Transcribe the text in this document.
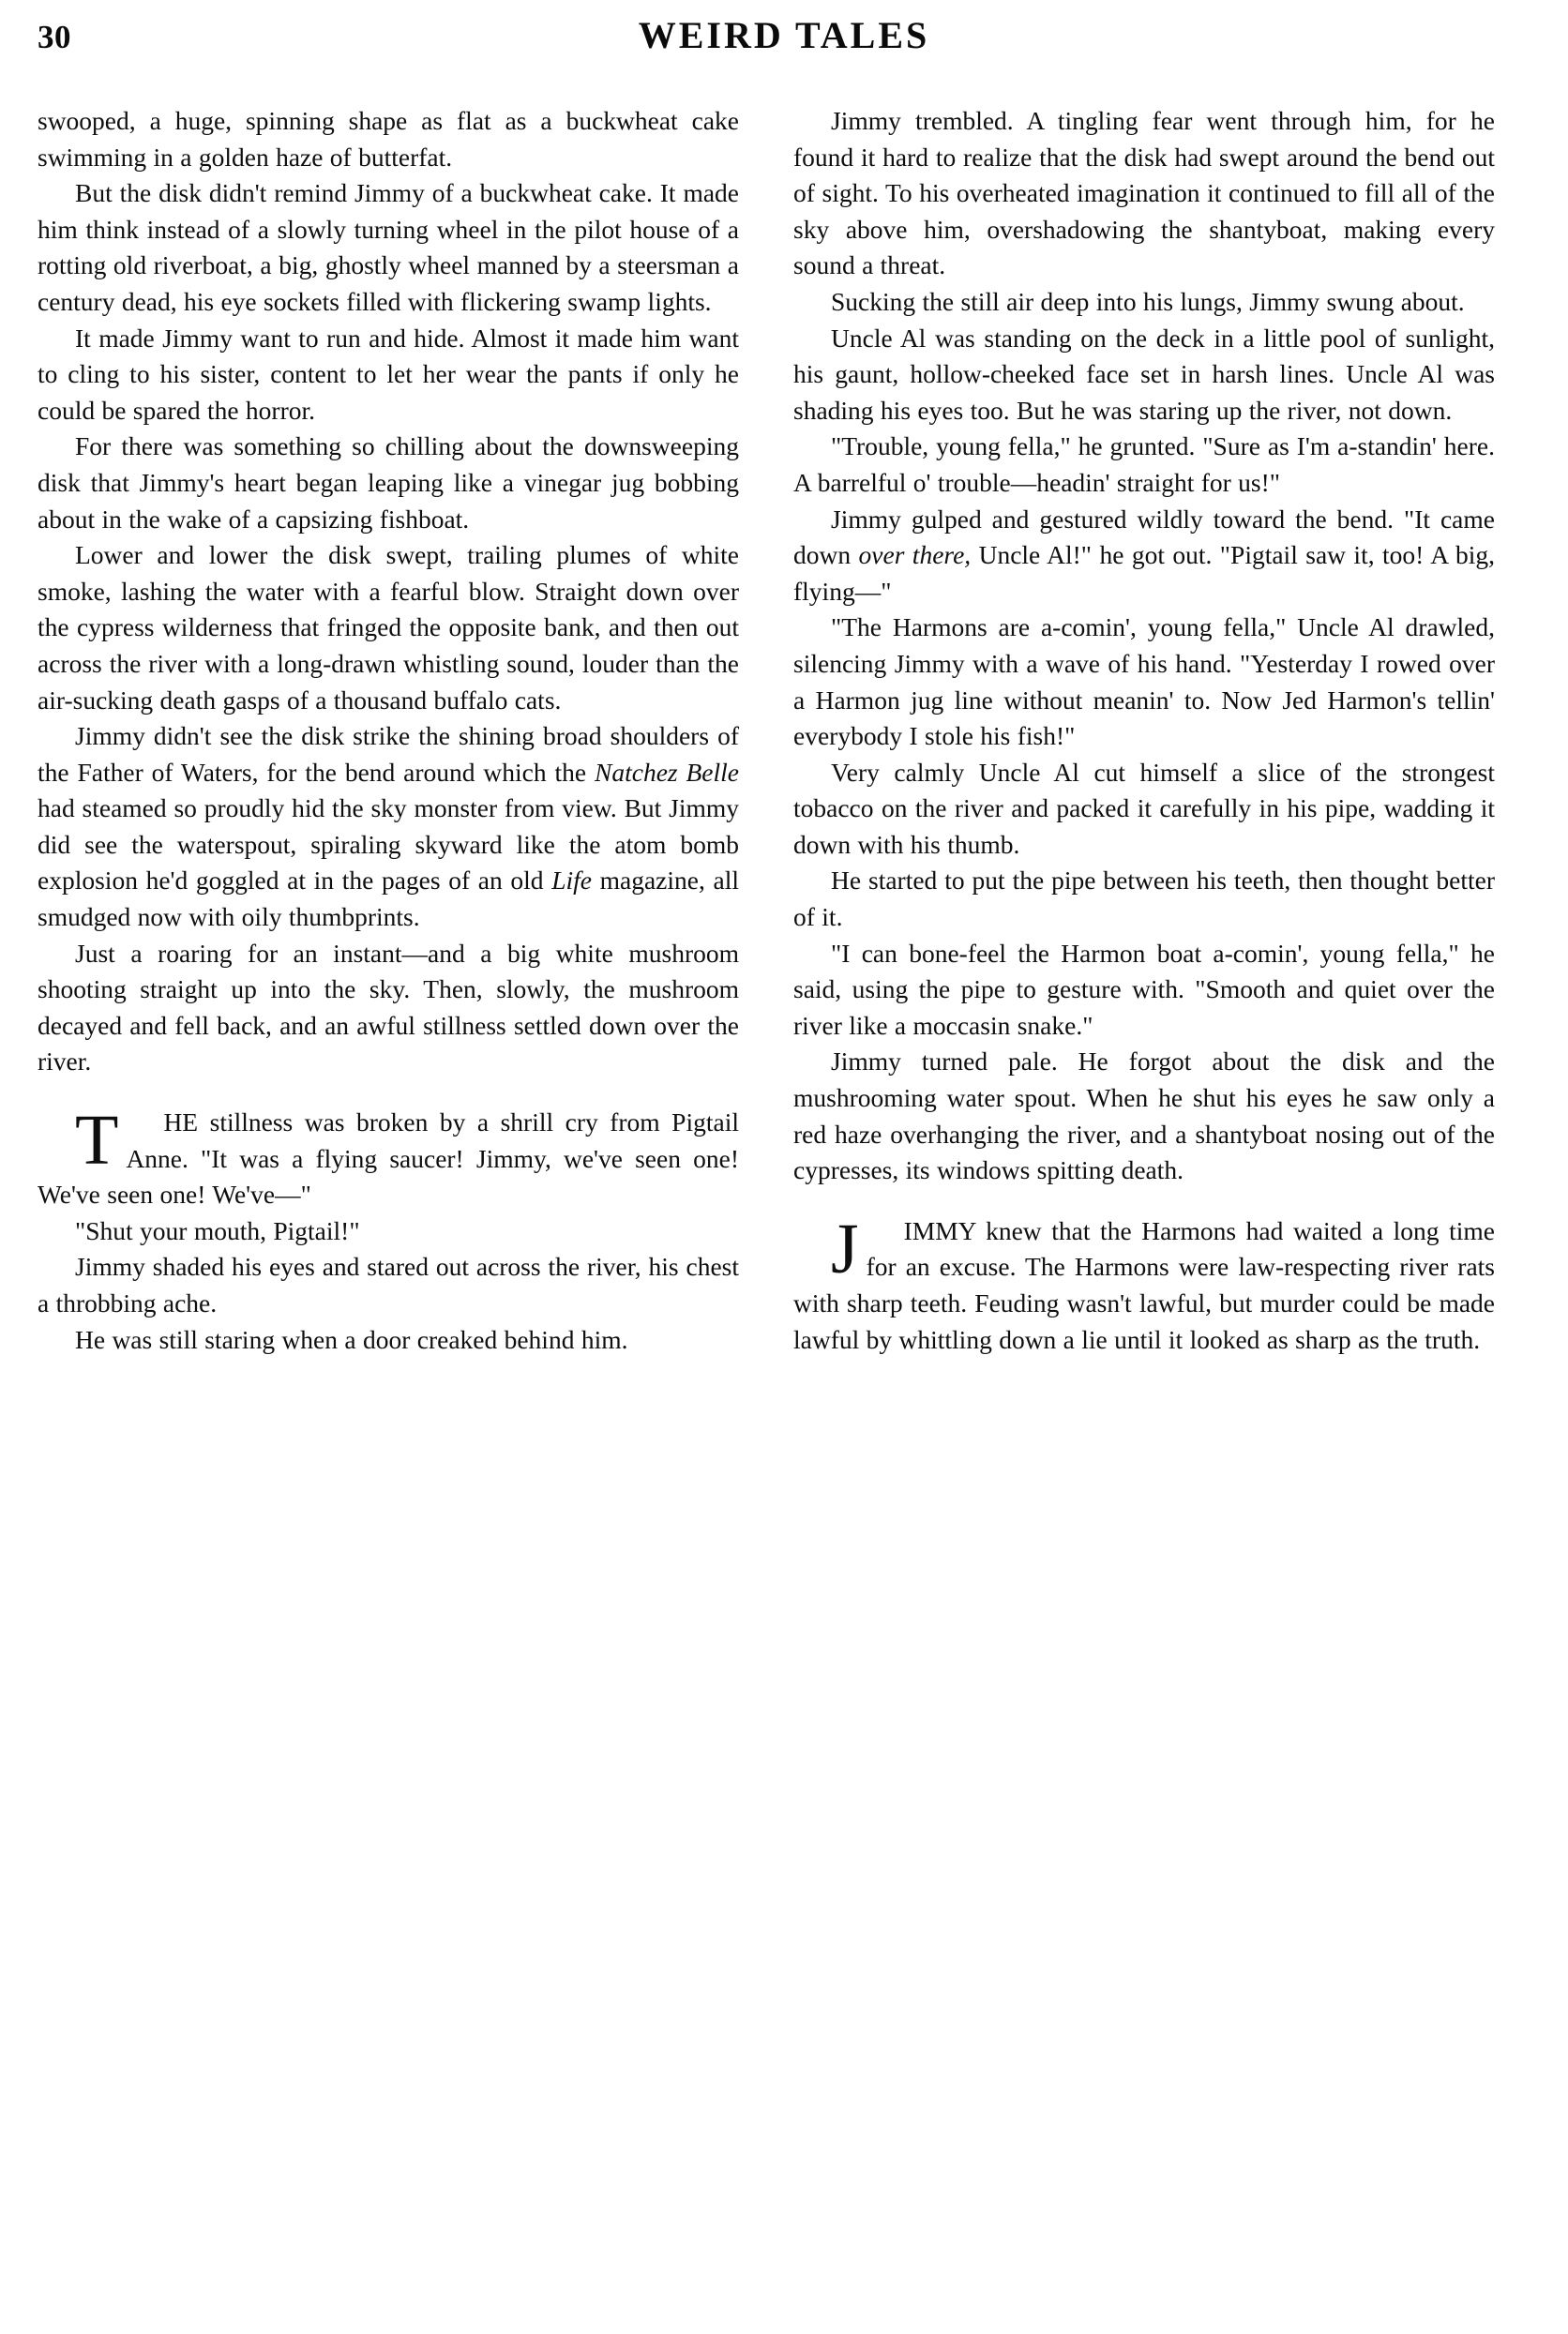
30	WEIRD TALES

swooped, a huge, spinning shape as flat as a buckwheat cake swimming in a golden haze of butterfat.

But the disk didn't remind Jimmy of a buckwheat cake. It made him think instead of a slowly turning wheel in the pilot house of a rotting old riverboat, a big, ghostly wheel manned by a steersman a century dead, his eye sockets filled with flickering swamp lights.

It made Jimmy want to run and hide. Almost it made him want to cling to his sister, content to let her wear the pants if only he could be spared the horror.

For there was something so chilling about the downsweeping disk that Jimmy's heart began leaping like a vinegar jug bobbing about in the wake of a capsizing fishboat.

Lower and lower the disk swept, trailing plumes of white smoke, lashing the water with a fearful blow. Straight down over the cypress wilderness that fringed the opposite bank, and then out across the river with a long-drawn whistling sound, louder than the air-sucking death gasps of a thousand buffalo cats.

Jimmy didn't see the disk strike the shining broad shoulders of the Father of Waters, for the bend around which the Natchez Belle had steamed so proudly hid the sky monster from view. But Jimmy did see the waterspout, spiraling skyward like the atom bomb explosion he'd goggled at in the pages of an old Life magazine, all smudged now with oily thumbprints.

Just a roaring for an instant—and a big white mushroom shooting straight up into the sky. Then, slowly, the mushroom decayed and fell back, and an awful stillness settled down over the river.

T HE stillness was broken by a shrill cry from Pigtail Anne. "It was a flying saucer! Jimmy, we've seen one! We've seen one! We've—"

"Shut your mouth, Pigtail!"

Jimmy shaded his eyes and stared out across the river, his chest a throbbing ache.

He was still staring when a door creaked behind him.

Jimmy trembled. A tingling fear went through him, for he found it hard to realize that the disk had swept around the bend out of sight. To his overheated imagination it continued to fill all of the sky above him, overshadowing the shantyboat, making every sound a threat.

Sucking the still air deep into his lungs, Jimmy swung about.

Uncle Al was standing on the deck in a little pool of sunlight, his gaunt, hollow-cheeked face set in harsh lines. Uncle Al was shading his eyes too. But he was staring up the river, not down.

"Trouble, young fella," he grunted. "Sure as I'm a-standin' here. A barrelful o' trouble—headin' straight for us!"

Jimmy gulped and gestured wildly toward the bend. "It came down over there, Uncle Al!" he got out. "Pigtail saw it, too! A big, flying—"

"The Harmons are a-comin', young fella," Uncle Al drawled, silencing Jimmy with a wave of his hand. "Yesterday I rowed over a Harmon jug line without meanin' to. Now Jed Harmon's tellin' everybody I stole his fish!"

Very calmly Uncle Al cut himself a slice of the strongest tobacco on the river and packed it carefully in his pipe, wadding it down with his thumb.

He started to put the pipe between his teeth, then thought better of it.

"I can bone-feel the Harmon boat a-comin', young fella," he said, using the pipe to gesture with. "Smooth and quiet over the river like a moccasin snake."

Jimmy turned pale. He forgot about the disk and the mushrooming water spout. When he shut his eyes he saw only a red haze overhanging the river, and a shantyboat nosing out of the cypresses, its windows spitting death.

J IMMY knew that the Harmons had waited a long time for an excuse. The Harmons were law-respecting river rats with sharp teeth. Feuding wasn't lawful, but murder could be made lawful by whittling down a lie until it looked as sharp as the truth.
